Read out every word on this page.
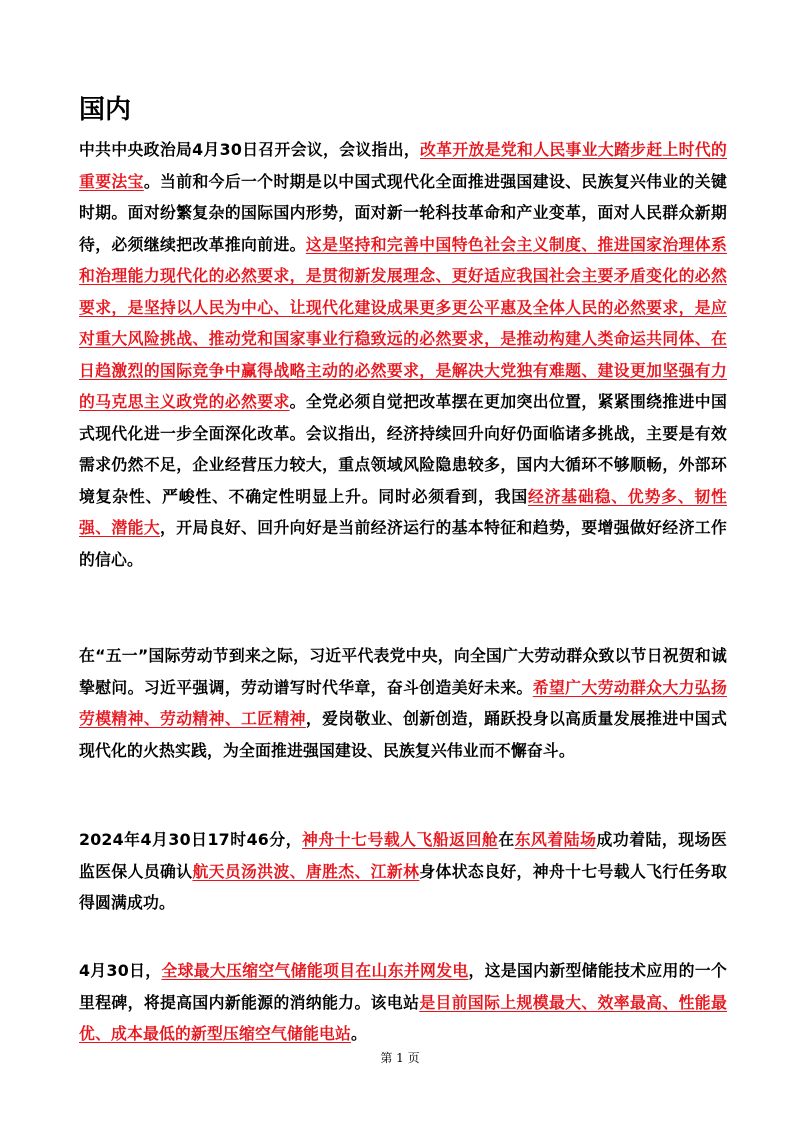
国内

中共中央政治局4月30日召开会议，会议指出，改革开放是党和人民事业大踏步赶上时代的重要法宝。当前和今后一个时期是以中国式现代化全面推进强国建设、民族复兴伟业的关键时期。面对纷繁复杂的国际国内形势，面对新一轮科技革命和产业变革，面对人民群众新期待，必须继续把改革推向前进。这是坚持和完善中国特色社会主义制度、推进国家治理体系和治理能力现代化的必然要求，是贯彻新发展理念、更好适应我国社会主要矛盾变化的必然要求，是坚持以人民为中心、让现代化建设成果更多更公平惠及全体人民的必然要求，是应对重大风险挑战、推动党和国家事业行稳致远的必然要求，是推动构建人类命运共同体、在日趋激烈的国际竞争中赢得战略主动的必然要求，是解决大党独有难题、建设更加坚强有力的马克思主义政党的必然要求。全党必须自觉把改革摆在更加突出位置，紧紧围绕推进中国式现代化进一步全面深化改革。会议指出，经济持续回升向好仍面临诸多挑战，主要是有效需求仍然不足，企业经营压力较大，重点领域风险隐患较多，国内大循环不够顺畅，外部环境复杂性、严峻性、不确定性明显上升。同时必须看到，我国经济基础稳、优势多、韧性强、潜能大，开局良好、回升向好是当前经济运行的基本特征和趋势，要增强做好经济工作的信心。

在“五一”国际劳动节到来之际，习近平代表党中央，向全国广大劳动群众致以节日祝贺和诚挚慰问。习近平强调，劳动谱写时代华章，奋斗创造美好未来。希望广大劳动群众大力弘扬劳模精神、劳动精神、工匠精神，爱岗敬业、创新创造，踊跃投身以高质量发展推进中国式现代化的火热实践，为全面推进强国建设、民族复兴伟业而不懈奋斗。

2024年4月30日17时46分，神舟十七号载人飞船返回舱在东风着陆场成功着陆，现场医监医保人员确认航天员汤洪波、唐胜杰、江新林身体状态良好，神舟十七号载人飞行任务取得圆满成功。

4月30日，全球最大压缩空气储能项目在山东并网发电，这是国内新型储能技术应用的一个里程碑，将提高国内新能源的消纳能力。该电站是目前国际上规模最大、效率最高、性能最优、成本最低的新型压缩空气储能电站。

第 1 页
